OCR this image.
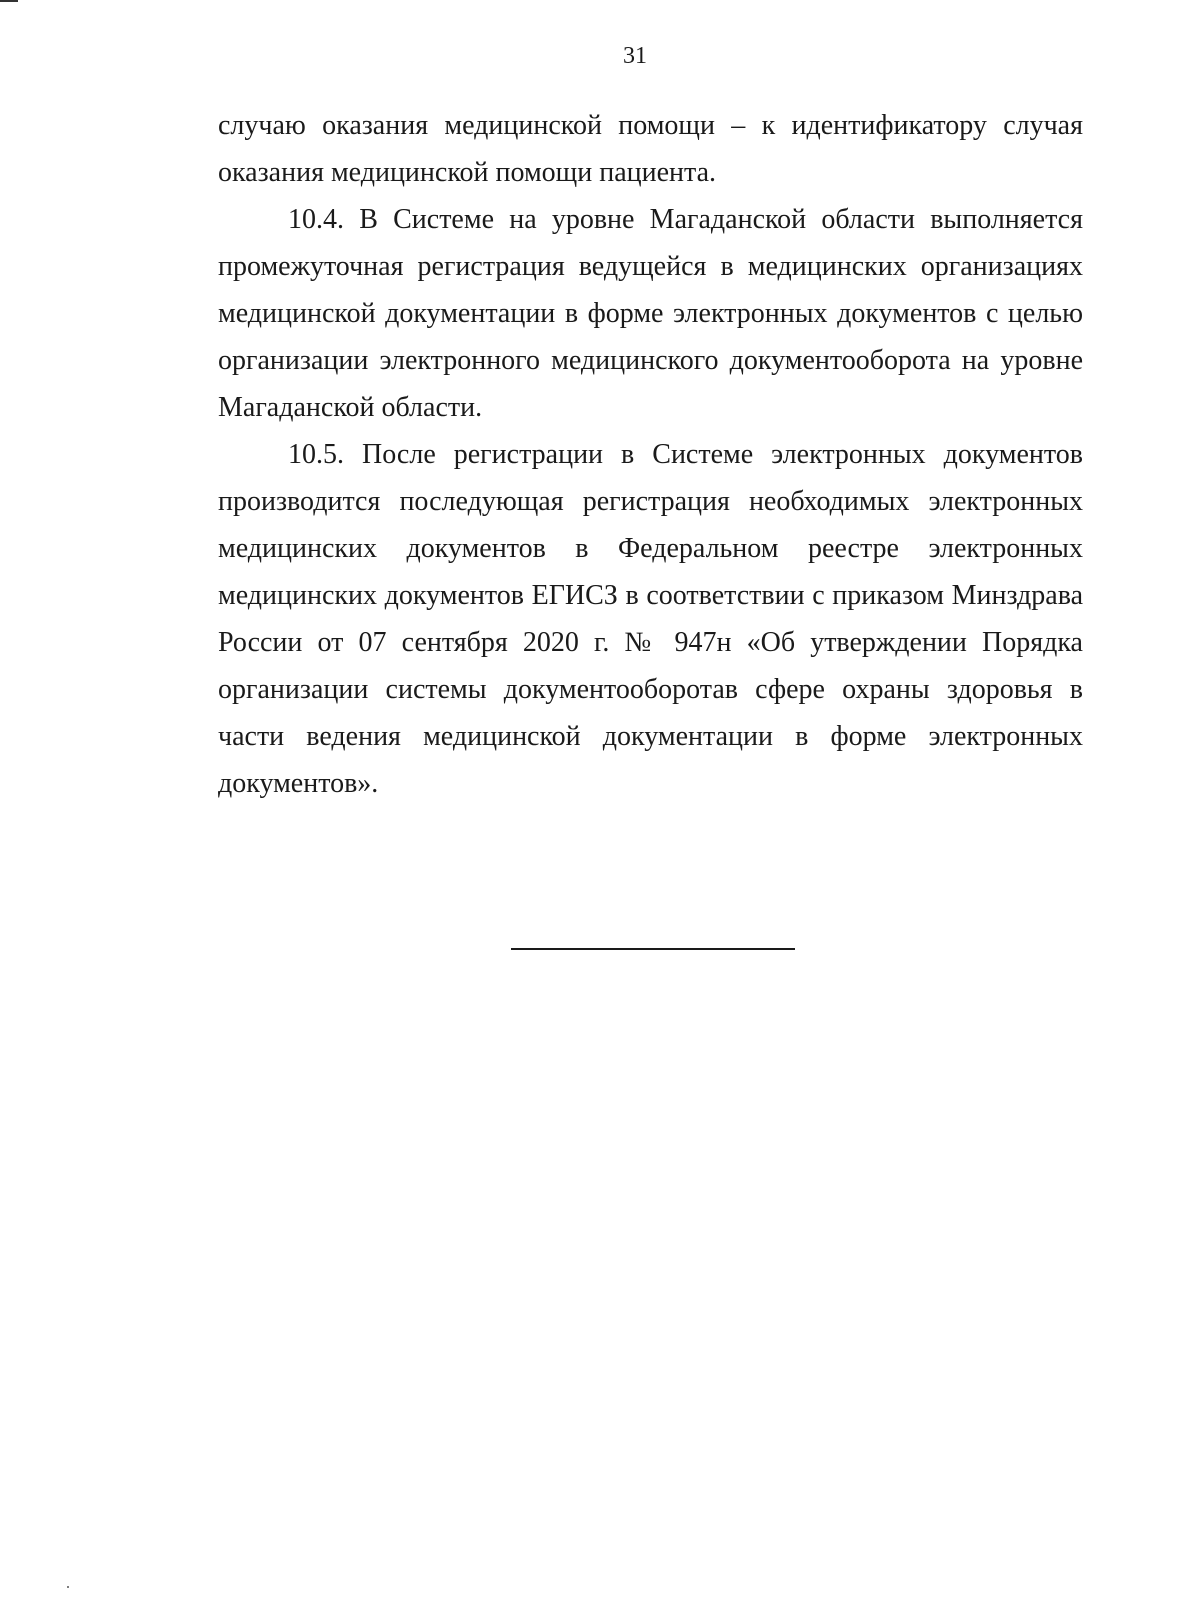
31

случаю оказания медицинской помощи – к идентификатору случая оказания медицинской помощи пациента.

10.4. В Системе на уровне Магаданской области выполняется промежуточная регистрация ведущейся в медицинских организациях медицинской документации в форме электронных документов с целью организации электронного медицинского документооборота на уровне Магаданской области.

10.5. После регистрации в Системе электронных документов производится последующая регистрация необходимых электронных медицинских документов в Федеральном реестре электронных медицинских документов ЕГИСЗ в соответствии с приказом Минздрава России от 07 сентября 2020 г. № 947н «Об утверждении Порядка организации системы документооборотав сфере охраны здоровья в части ведения медицинской документации в форме электронных документов».
